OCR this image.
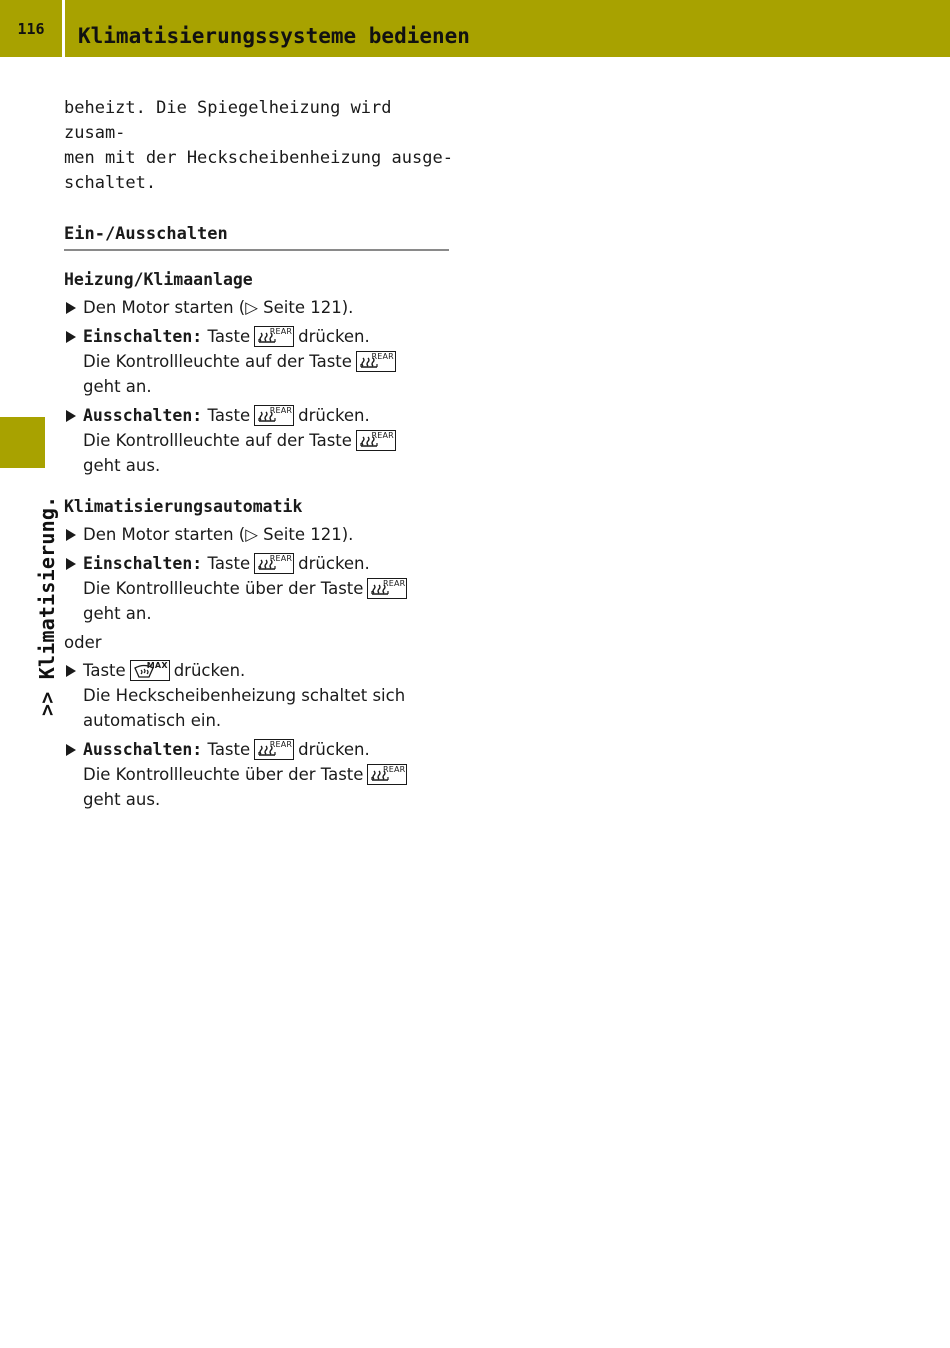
116	Klimatisierungssysteme bedienen
>> Klimatisierung.

beheizt. Die Spiegelheizung wird zusam-
men mit der Heckscheibenheizung ausge-
schaltet.

Ein-/Ausschalten
Heizung/Klimaanlage
Den Motor starten (▷ Seite 121).
Einschalten: Taste REAR drücken.
Die Kontrollleuchte auf der Taste REAR

geht an.
Ausschalten: Taste REAR drücken.
Die Kontrollleuchte auf der Taste REAR

geht aus.
Klimatisierungsautomatik
Den Motor starten (▷ Seite 121).
Einschalten: Taste REAR drücken.
Die Kontrollleuchte über der Taste REAR

geht an.
oder
Taste	MAX drücken.
Die Heckscheibenheizung schaltet sich
automatisch ein.
Ausschalten: Taste REAR drücken.
Die Kontrollleuchte über der Taste REAR

geht aus.
